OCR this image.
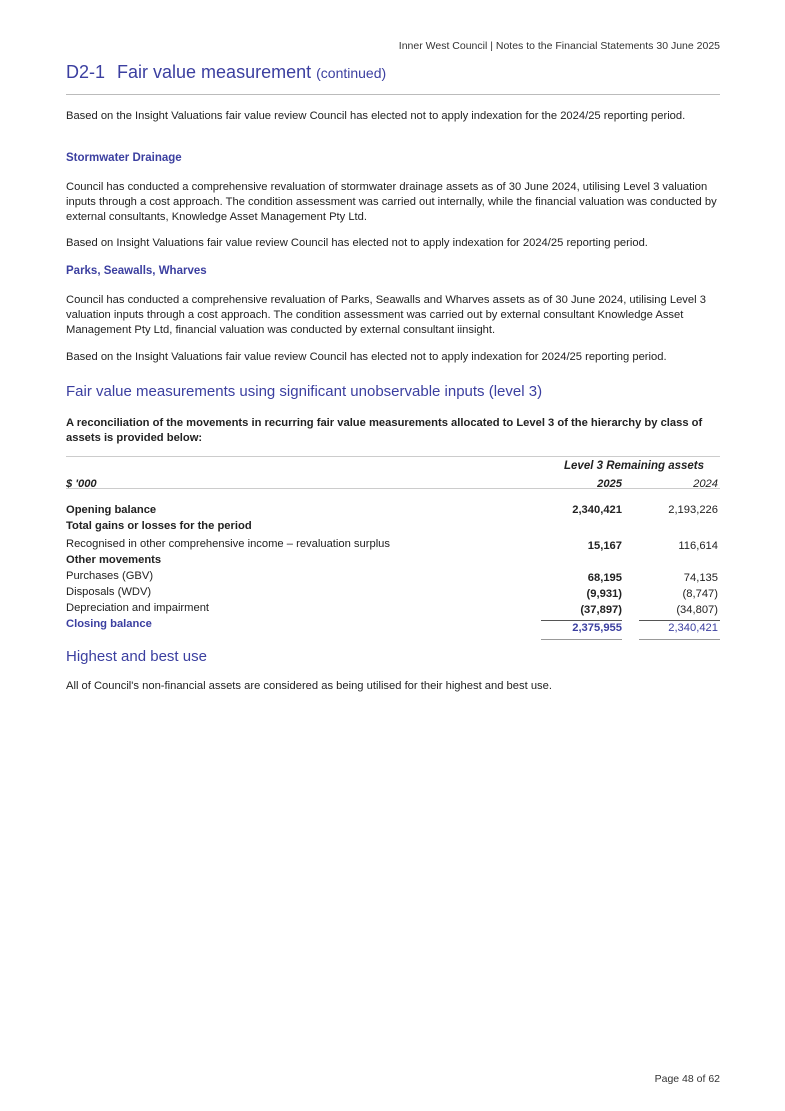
Inner West Council | Notes to the Financial Statements 30 June 2025
D2-1 Fair value measurement (continued)

Based on the Insight Valuations fair value review Council has elected not to apply indexation for the 2024/25 reporting period.

Stormwater Drainage

Council has conducted a comprehensive revaluation of stormwater drainage assets as of 30 June 2024, utilising Level 3 valuation inputs through a cost approach. The condition assessment was carried out internally, while the financial valuation was conducted by external consultants, Knowledge Asset Management Pty Ltd.

Based on Insight Valuations fair value review Council has elected not to apply indexation for 2024/25 reporting period.

Parks, Seawalls, Wharves

Council has conducted a comprehensive revaluation of Parks, Seawalls and Wharves assets as of 30 June 2024, utilising Level 3 valuation inputs through a cost approach. The condition assessment was carried out by external consultant Knowledge Asset Management Pty Ltd, financial valuation was conducted by external consultant iinsight.

Based on the Insight Valuations fair value review Council has elected not to apply indexation for 2024/25 reporting period.

Fair value measurements using significant unobservable inputs (level 3)

A reconciliation of the movements in recurring fair value measurements allocated to Level 3 of the hierarchy by class of assets is provided below:

Level 3 Remaining assets
$ '000	2025	2024
Opening balance	2,340,421	2,193,226
Total gains or losses for the period
Recognised in other comprehensive income – revaluation surplus	15,167	116,614
Other movements
Purchases (GBV)	68,195	74,135
Disposals (WDV)	(9,931)	(8,747)
Depreciation and impairment	(37,897)	(34,807)
Closing balance	2,375,955	2,340,421
Highest and best use

All of Council's non-financial assets are considered as being utilised for their highest and best use.

Page 48 of 62
